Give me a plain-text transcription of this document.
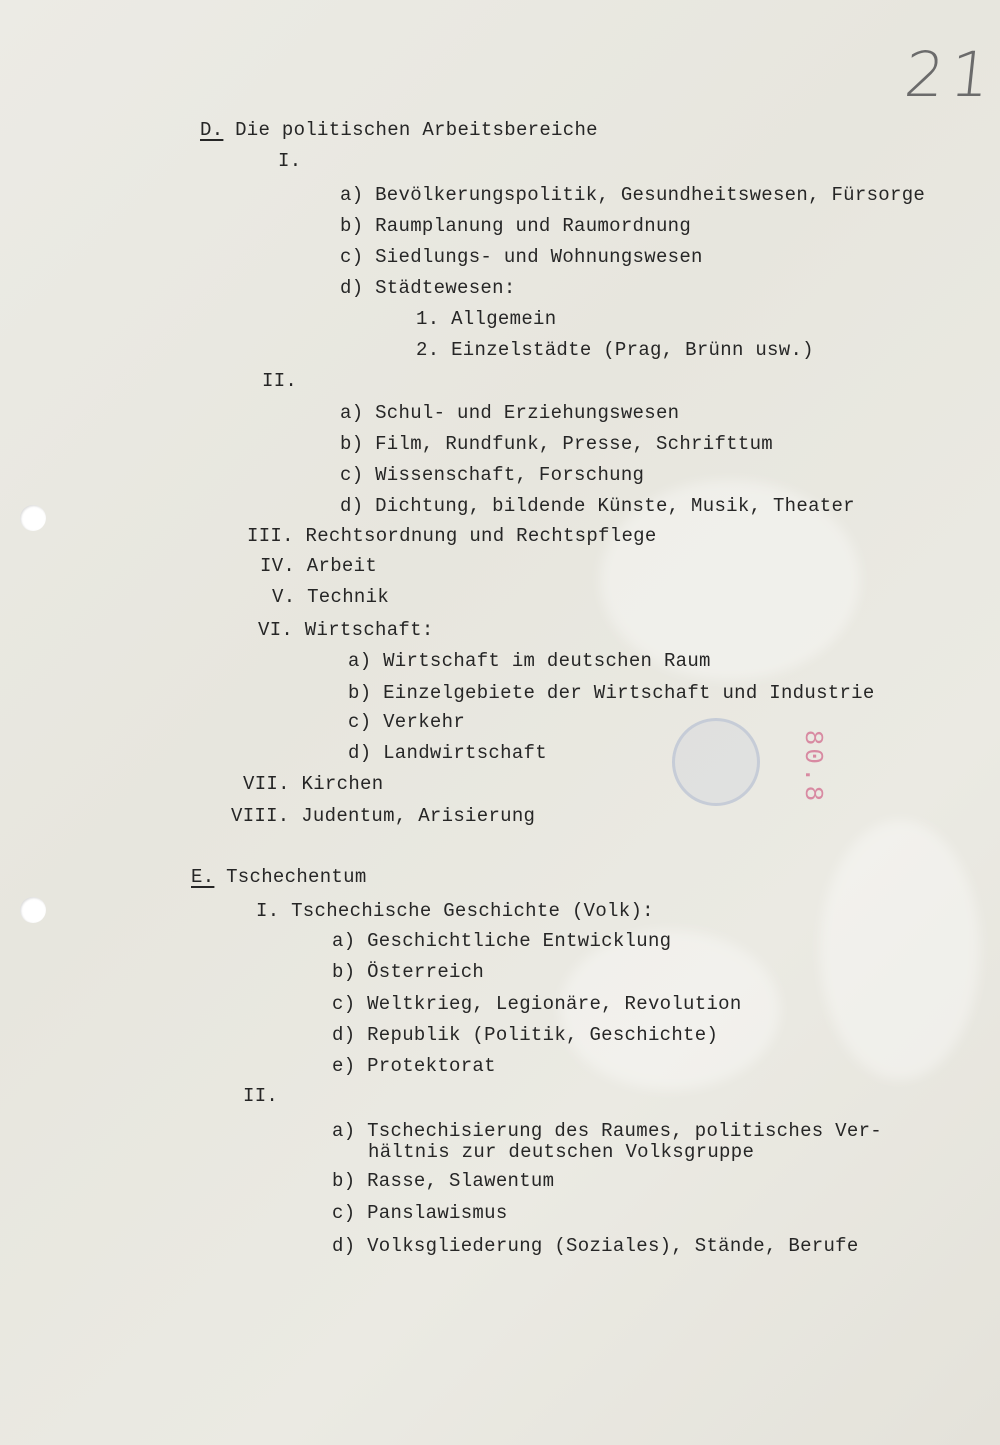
21
80.8
D. Die politischen Arbeitsbereiche
I.
a) Bevölkerungspolitik, Gesundheitswesen, Fürsorge
b) Raumplanung und Raumordnung
c) Siedlungs- und Wohnungswesen
d) Städtewesen:
1. Allgemein
2. Einzelstädte (Prag, Brünn usw.)
II.
a) Schul- und Erziehungswesen
b) Film, Rundfunk, Presse, Schrifttum
c) Wissenschaft, Forschung
d) Dichtung, bildende Künste, Musik, Theater
III. Rechtsordnung und Rechtspflege
IV. Arbeit
V. Technik
VI. Wirtschaft:
a) Wirtschaft im deutschen Raum
b) Einzelgebiete der Wirtschaft und Industrie
c) Verkehr
d) Landwirtschaft
VII. Kirchen
VIII. Judentum, Arisierung
E. Tschechentum
I. Tschechische Geschichte (Volk):
a) Geschichtliche Entwicklung
b) Österreich
c) Weltkrieg, Legionäre, Revolution
d) Republik (Politik, Geschichte)
e) Protektorat
II.
a) Tschechisierung des Raumes, politisches Ver-
hältnis zur deutschen Volksgruppe
b) Rasse, Slawentum
c) Panslawismus
d) Volksgliederung (Soziales), Stände, Berufe
